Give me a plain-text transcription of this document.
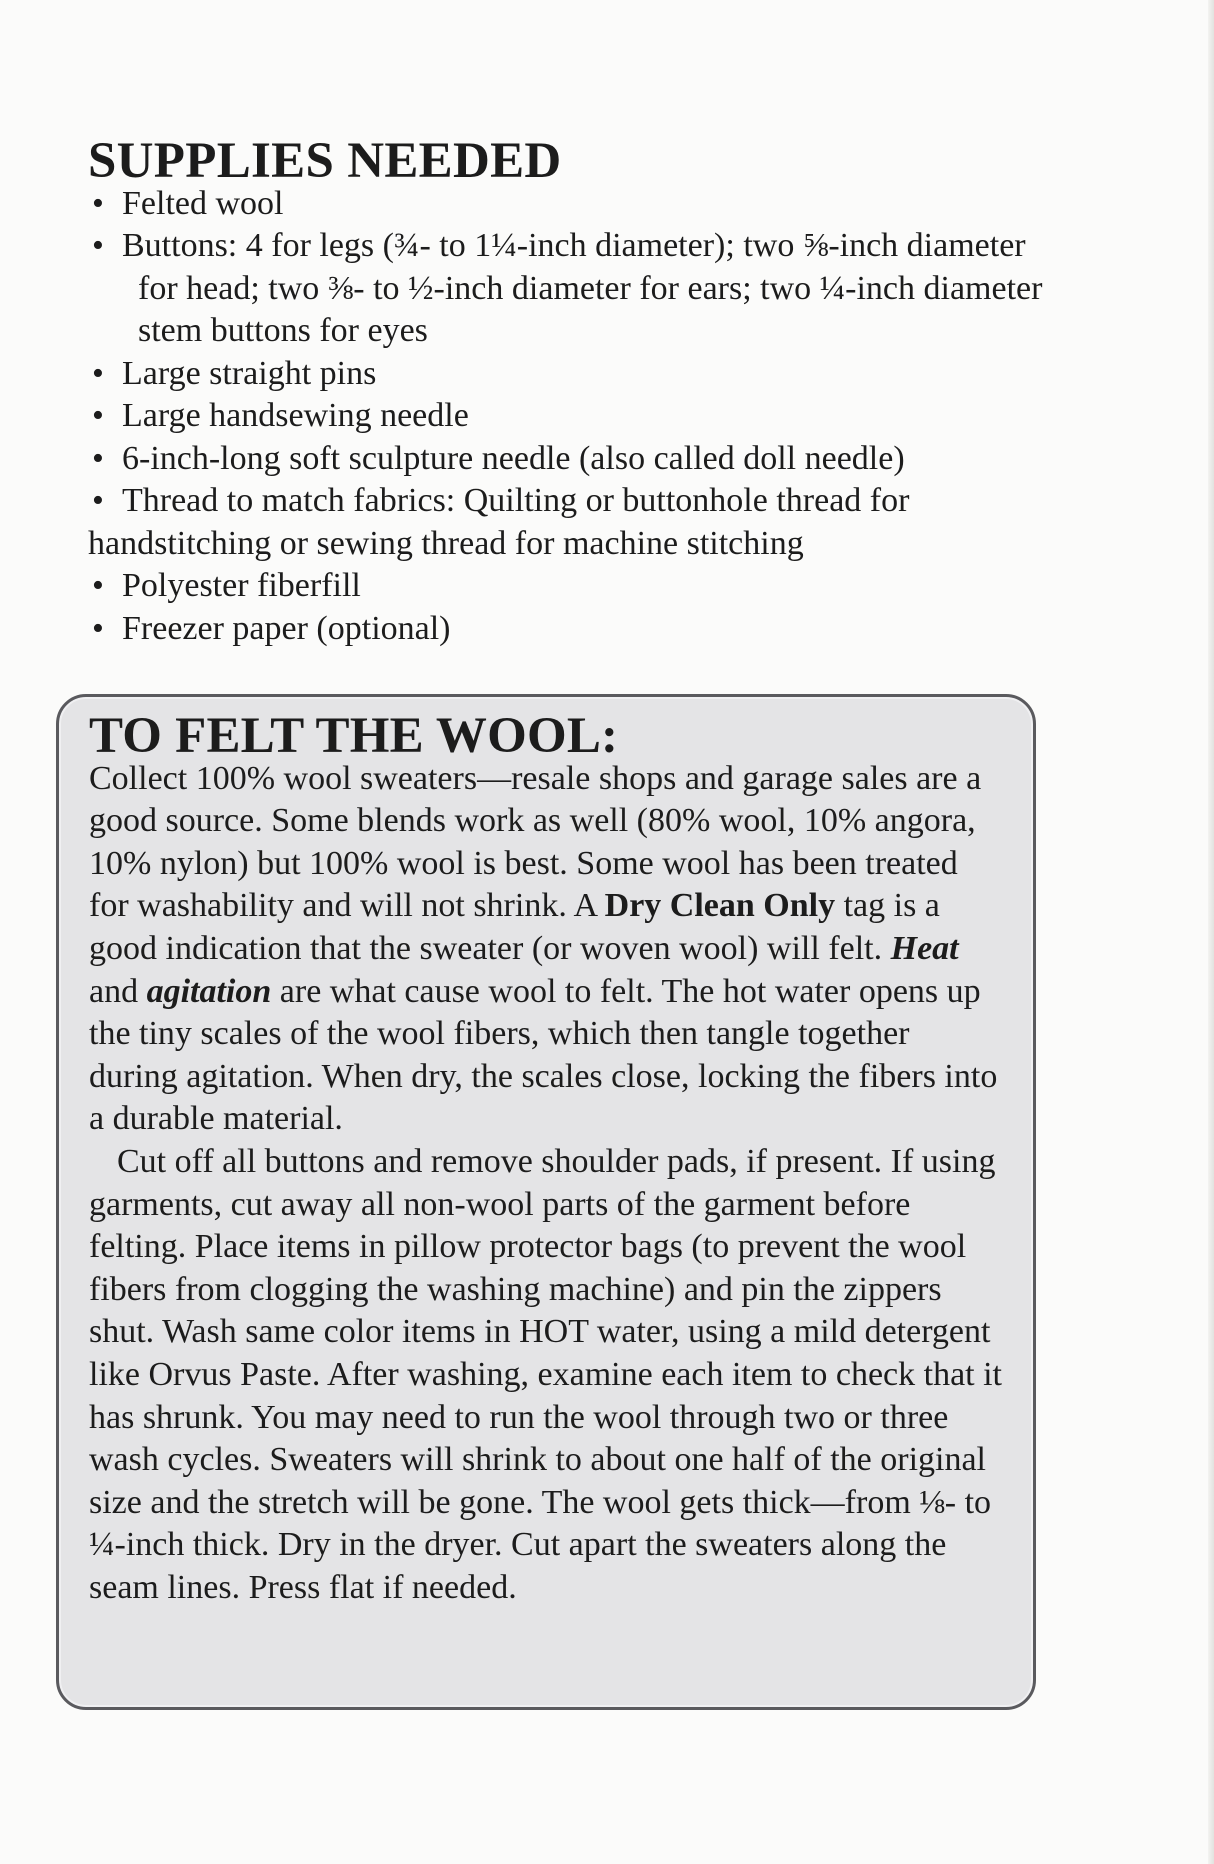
SUPPLIES NEEDED
• Felted wool
• Buttons: 4 for legs (¾- to 1¼-inch diameter); two ⅝-inch diameter for head; two ⅜- to ½-inch diameter for ears; two ¼-inch diameter stem buttons for eyes
• Large straight pins
• Large handsewing needle
• 6-inch-long soft sculpture needle (also called doll needle)
• Thread to match fabrics: Quilting or buttonhole thread for handstitching or sewing thread for machine stitching
• Polyester fiberfill
• Freezer paper (optional)
TO FELT THE WOOL:

Collect 100% wool sweaters—resale shops and garage sales are a good source. Some blends work as well (80% wool, 10% angora, 10% nylon) but 100% wool is best. Some wool has been treated for washability and will not shrink. A Dry Clean Only tag is a good indication that the sweater (or woven wool) will felt. Heat and agitation are what cause wool to felt. The hot water opens up the tiny scales of the wool fibers, which then tangle together during agitation. When dry, the scales close, locking the fibers into a durable material.

Cut off all buttons and remove shoulder pads, if present. If using garments, cut away all non-wool parts of the garment before felting. Place items in pillow protector bags (to prevent the wool fibers from clogging the washing machine) and pin the zippers shut. Wash same color items in HOT water, using a mild detergent like Orvus Paste. After washing, examine each item to check that it has shrunk. You may need to run the wool through two or three wash cycles. Sweaters will shrink to about one half of the original size and the stretch will be gone. The wool gets thick—from ⅛- to ¼-inch thick. Dry in the dryer. Cut apart the sweaters along the seam lines. Press flat if needed.
